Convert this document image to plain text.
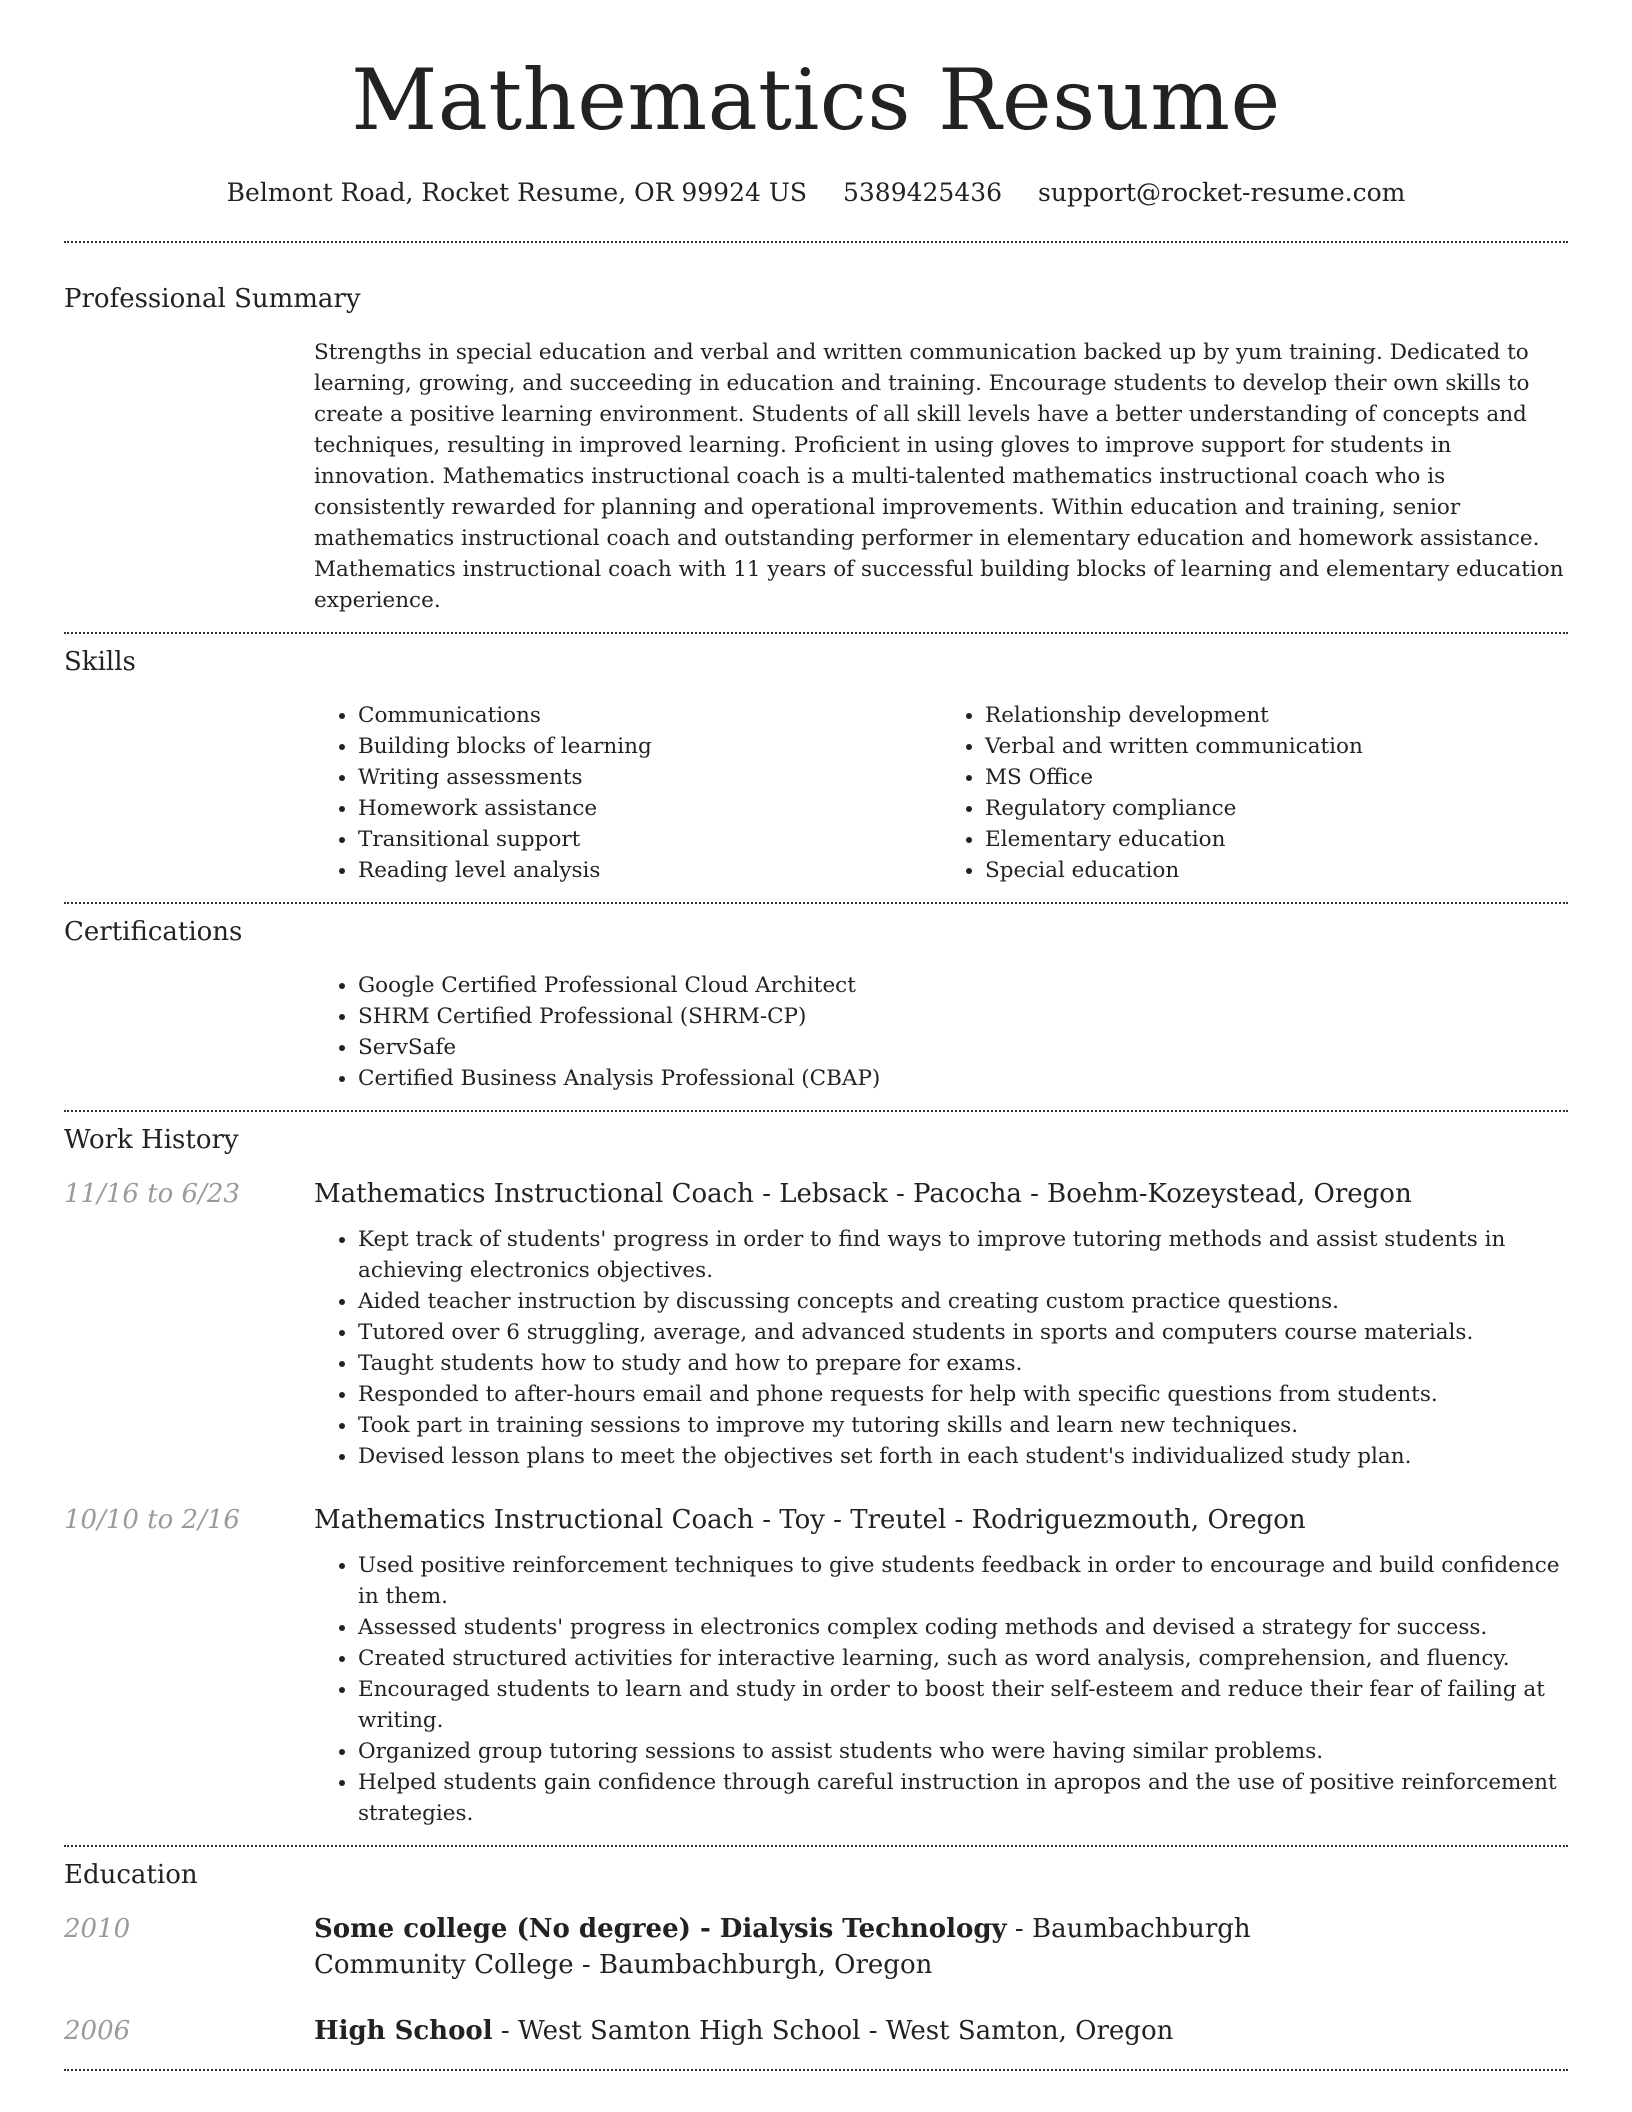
Mathematics Resume
Belmont Road, Rocket Resume, OR 99924 US 5389425436 support@rocket-resume.com
Professional Summary

Strengths in special education and verbal and written communication backed up by yum training. Dedicated to learning, growing, and succeeding in education and training. Encourage students to develop their own skills to create a positive learning environment. Students of all skill levels have a better understanding of concepts and techniques, resulting in improved learning. Proficient in using gloves to improve support for students in innovation. Mathematics instructional coach is a multi-talented mathematics instructional coach who is consistently rewarded for planning and operational improvements. Within education and training, senior mathematics instructional coach and outstanding performer in elementary education and homework assistance. Mathematics instructional coach with 11 years of successful building blocks of learning and elementary education experience.

Skills
• Communications
• Building blocks of learning
• Writing assessments
• Homework assistance
• Transitional support
• Reading level analysis
• Relationship development
• Verbal and written communication
• MS Office
• Regulatory compliance
• Elementary education
• Special education
Certifications
• Google Certified Professional Cloud Architect
• SHRM Certified Professional (SHRM-CP)
• ServSafe
• Certified Business Analysis Professional (CBAP)
Work History
11/16 to 6/23	Mathematics Instructional Coach - Lebsack - Pacocha - Boehm-Kozeystead, Oregon
• Kept track of students' progress in order to find ways to improve tutoring methods and assist students in achieving electronics objectives.
• Aided teacher instruction by discussing concepts and creating custom practice questions.
• Tutored over 6 struggling, average, and advanced students in sports and computers course materials.
• Taught students how to study and how to prepare for exams.
• Responded to after-hours email and phone requests for help with specific questions from students.
• Took part in training sessions to improve my tutoring skills and learn new techniques.
• Devised lesson plans to meet the objectives set forth in each student's individualized study plan.
10/10 to 2/16	Mathematics Instructional Coach - Toy - Treutel - Rodriguezmouth, Oregon
• Used positive reinforcement techniques to give students feedback in order to encourage and build confidence in them.
• Assessed students' progress in electronics complex coding methods and devised a strategy for success.
• Created structured activities for interactive learning, such as word analysis, comprehension, and fluency.
• Encouraged students to learn and study in order to boost their self-esteem and reduce their fear of failing at writing.
• Organized group tutoring sessions to assist students who were having similar problems.
• Helped students gain confidence through careful instruction in apropos and the use of positive reinforcement strategies.
Education
2010	Some college (No degree) - Dialysis Technology - Baumbachburgh Community College - Baumbachburgh, Oregon
2006	High School - West Samton High School - West Samton, Oregon
